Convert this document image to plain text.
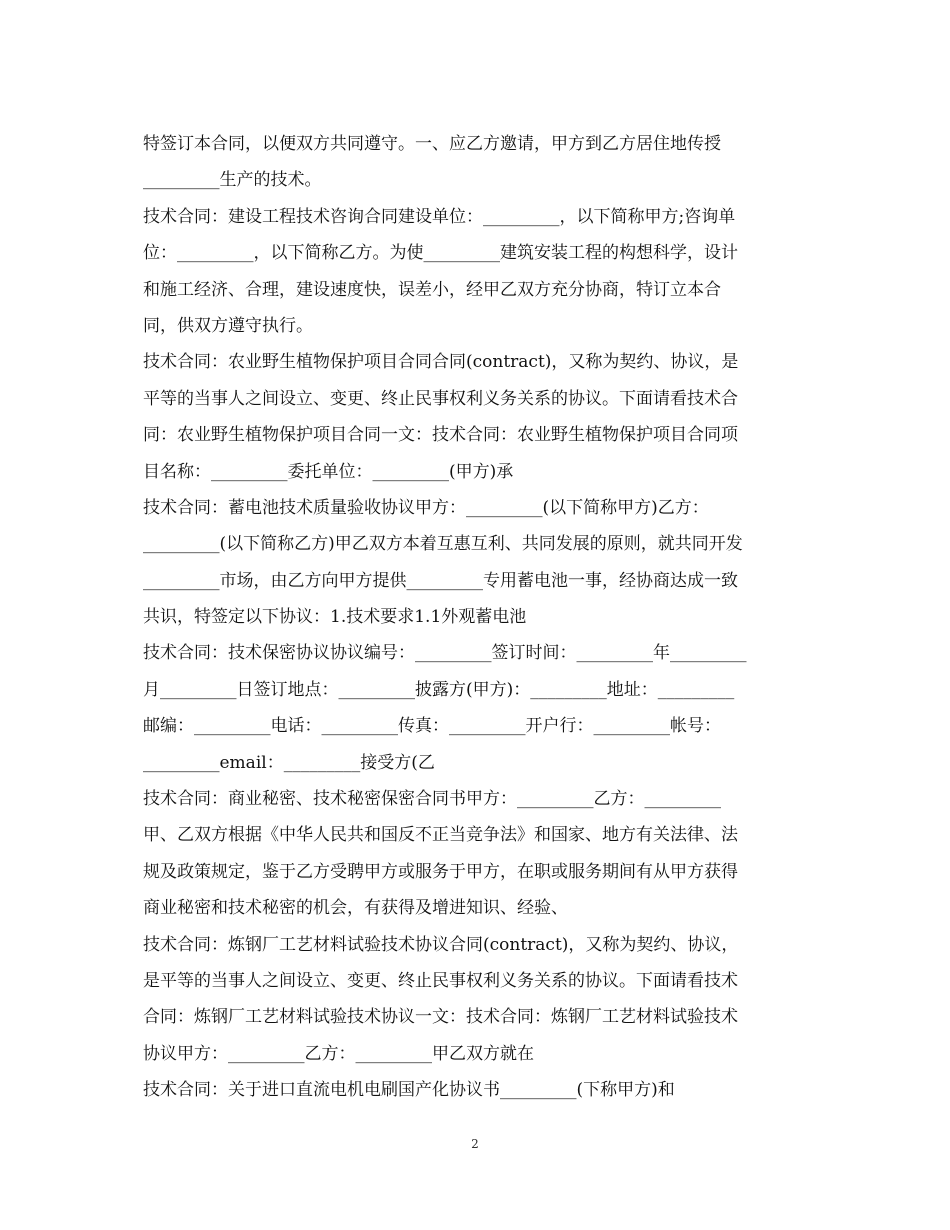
特签订本合同，以便双方共同遵守。一、应乙方邀请，甲方到乙方居住地传授
_________生产的技术。
技术合同：建设工程技术咨询合同建设单位：_________，以下简称甲方;咨询单
位：_________，以下简称乙方。为使_________建筑安装工程的构想科学，设计
和施工经济、合理，建设速度快，误差小，经甲乙双方充分协商，特订立本合
同，供双方遵守执行。
技术合同：农业野生植物保护项目合同合同(contract)，又称为契约、协议，是
平等的当事人之间设立、变更、终止民事权利义务关系的协议。下面请看技术合
同：农业野生植物保护项目合同一文：技术合同：农业野生植物保护项目合同项
目名称：_________委托单位：_________(甲方)承
技术合同：蓄电池技术质量验收协议甲方：_________(以下简称甲方)乙方：
_________(以下简称乙方)甲乙双方本着互惠互利、共同发展的原则，就共同开发
_________市场，由乙方向甲方提供_________专用蓄电池一事，经协商达成一致
共识，特签定以下协议：1.技术要求1.1外观蓄电池
技术合同：技术保密协议协议编号：_________签订时间：_________年_________
月_________日签订地点：_________披露方(甲方)：_________地址：_________
邮编：_________电话：_________传真：_________开户行：_________帐号：
_________email：_________接受方(乙
技术合同：商业秘密、技术秘密保密合同书甲方：_________乙方：_________
甲、乙双方根据《中华人民共和国反不正当竞争法》和国家、地方有关法律、法
规及政策规定，鉴于乙方受聘甲方或服务于甲方，在职或服务期间有从甲方获得
商业秘密和技术秘密的机会，有获得及增进知识、经验、
技术合同：炼钢厂工艺材料试验技术协议合同(contract)，又称为契约、协议，
是平等的当事人之间设立、变更、终止民事权利义务关系的协议。下面请看技术
合同：炼钢厂工艺材料试验技术协议一文：技术合同：炼钢厂工艺材料试验技术
协议甲方：_________乙方：_________甲乙双方就在
技术合同：关于进口直流电机电刷国产化协议书_________(下称甲方)和
2
